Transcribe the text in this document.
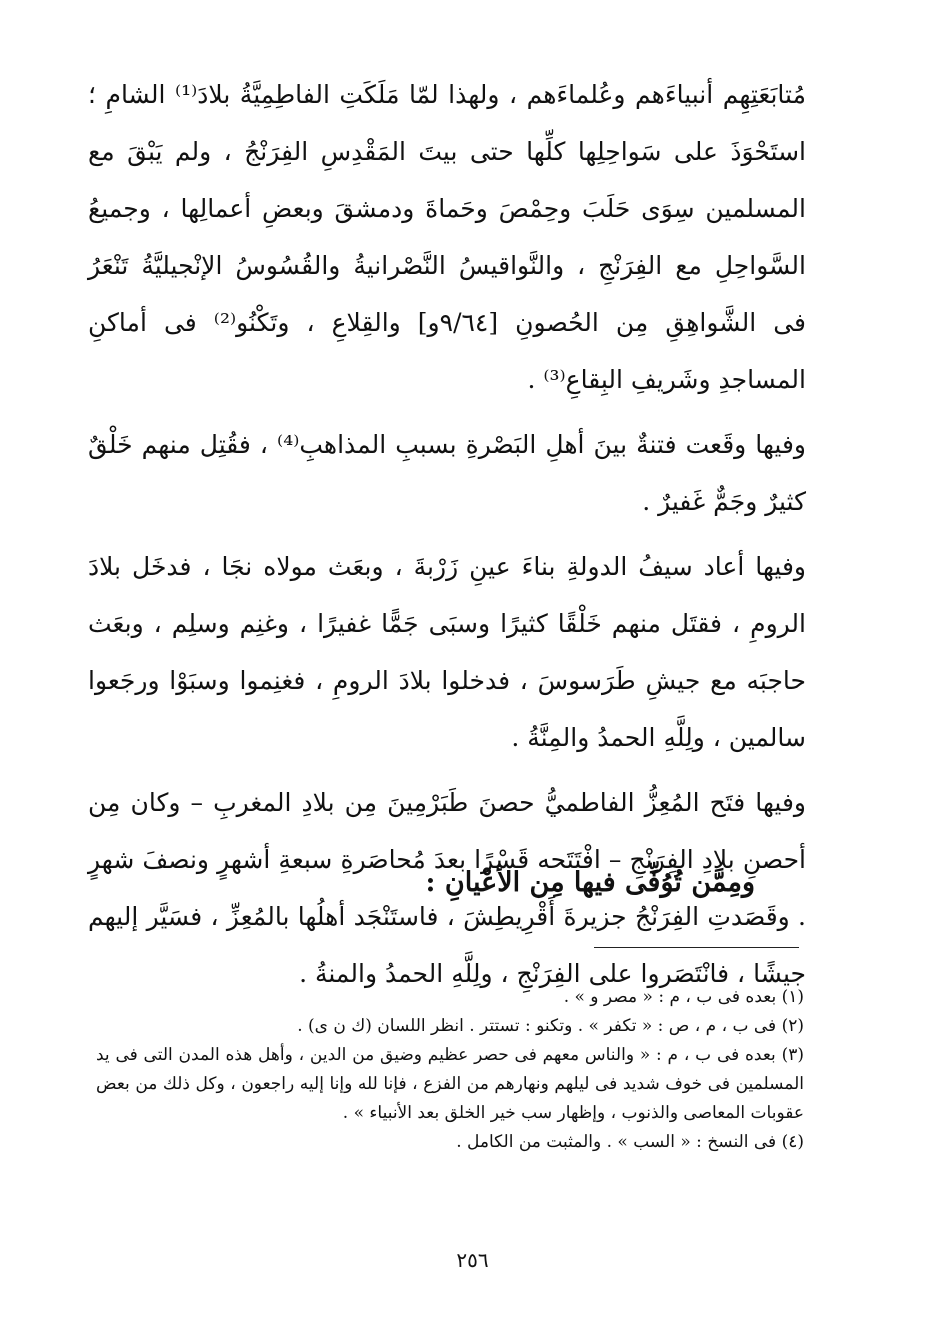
مُتابَعَتِهِم أنبياءَهم وعُلماءَهم ، ولهذا لمّا مَلَكَتِ الفاطِمِيَّةُ بلادَ⁽¹⁾ الشامِ ؛ استَحْوَذَ على سَواحِلِها كلِّها حتى بيتَ المَقْدِسِ الفِرَنْجُ ، ولم يَبْقَ مع المسلمين سِوَى حَلَبَ وحِمْصَ وحَماةَ ودمشقَ وبعضِ أعمالِها ، وجميعُ السَّواحِلِ مع الفِرَنْجِ ، والنَّواقيسُ النَّصْرانيةُ والقُسُوسُ الإنْجيليَّةُ تَنْعَرُ فى الشَّواهِقِ مِن الحُصونِ [٩/٦٤و] والقِلاعِ ، وتَكْنُو⁽²⁾ فى أماكنِ المساجدِ وشَريفِ البِقاعِ⁽³⁾ .

وفيها وقَعت فتنةٌ بينَ أهلِ البَصْرةِ بسببِ المذاهبِ⁽⁴⁾ ، فقُتِل منهم خَلْقٌ كثيرٌ وجَمٌّ غَفيرٌ .

وفيها أعاد سيفُ الدولةِ بناءَ عينِ زَرْبةَ ، وبعَث مولاه نجَا ، فدخَل بلادَ الرومِ ، فقتَل منهم خَلْقًا كثيرًا وسبَى جَمًّا غفيرًا ، وغنِم وسلِم ، وبعَث حاجبَه مع جيشِ طَرَسوسَ ، فدخلوا بلادَ الرومِ ، فغنِموا وسبَوْا ورجَعوا سالمين ، ولِلَّهِ الحمدُ والمِنَّةُ .

وفيها فتَح المُعِزُّ الفاطميُّ حصنَ طَبَرْمِينَ مِن بلادِ المغربِ – وكان مِن أحصنِ بلادِ الفِرَنْجِ – افْتَتَحه قَسْرًا بعدَ مُحاصَرةِ سبعةِ أشهرٍ ونصفَ شهرٍ . وقَصَدتِ الفِرَنْجُ جزيرةَ أَقْرِيطِشَ ، فاستَنْجَد أهلُها بالمُعِزِّ ، فسَيَّر إليهم جيشًا ، فانْتَصَروا على الفِرَنْجِ ، ولِلَّهِ الحمدُ والمنةُ .

ومِمَّن تُوُفِّى فيها مِن الأعْيانِ :

(١) بعده فى ب ، م : « مصر و » .

(٢) فى ب ، م ، ص : « تكفر » . وتكنو : تستتر . انظر اللسان (ك ن ى) .

(٣) بعده فى ب ، م : « والناس معهم فى حصر عظيم وضيق من الدين ، وأهل هذه المدن التى فى يد المسلمين فى خوف شديد فى ليلهم ونهارهم من الفزع ، فإنا لله وإنا إليه راجعون ، وكل ذلك من بعض عقوبات المعاصى والذنوب ، وإظهار سب خير الخلق بعد الأنبياء » .

(٤) فى النسخ : « السب » . والمثبت من الكامل .

٢٥٦
